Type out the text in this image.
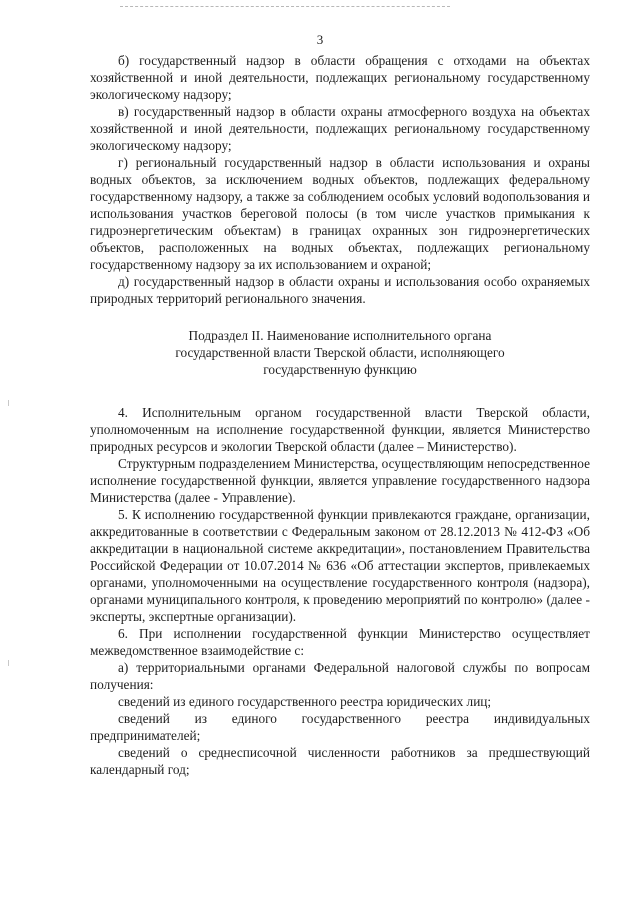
3

б) государственный надзор в области обращения с отходами на объектах хозяйственной и иной деятельности, подлежащих региональному государственному экологическому надзору;

в) государственный надзор в области охраны атмосферного воздуха на объектах хозяйственной и иной деятельности, подлежащих региональному государственному экологическому надзору;

г) региональный государственный надзор в области использования и охраны водных объектов, за исключением водных объектов, подлежащих федеральному государственному надзору, а также за соблюдением особых условий водопользования и использования участков береговой полосы (в том числе участков примыкания к гидроэнергетическим объектам) в границах охранных зон гидроэнергетических объектов, расположенных на водных объектах, подлежащих региональному государственному надзору за их использованием и охраной;

д) государственный надзор в области охраны и использования особо охраняемых природных территорий регионального значения.

Подраздел II. Наименование исполнительного органа
государственной власти Тверской области, исполняющего
государственную функцию

4. Исполнительным органом государственной власти Тверской области, уполномоченным на исполнение государственной функции, является Министерство природных ресурсов и экологии Тверской области (далее – Министерство).

Структурным подразделением Министерства, осуществляющим непосредственное исполнение государственной функции, является управление государственного надзора Министерства (далее - Управление).

5. К исполнению государственной функции привлекаются граждане, организации, аккредитованные в соответствии с Федеральным законом от 28.12.2013 № 412-ФЗ «Об аккредитации в национальной системе аккредитации», постановлением Правительства Российской Федерации от 10.07.2014 № 636 «Об аттестации экспертов, привлекаемых органами, уполномоченными на осуществление государственного контроля (надзора), органами муниципального контроля, к проведению мероприятий по контролю» (далее - эксперты, экспертные организации).

6. При исполнении государственной функции Министерство осуществляет межведомственное взаимодействие с:

а) территориальными органами Федеральной налоговой службы по вопросам получения:

сведений из единого государственного реестра юридических лиц;

сведений из единого государственного реестра индивидуальных предпринимателей;

сведений о среднесписочной численности работников за предшествующий календарный год;
